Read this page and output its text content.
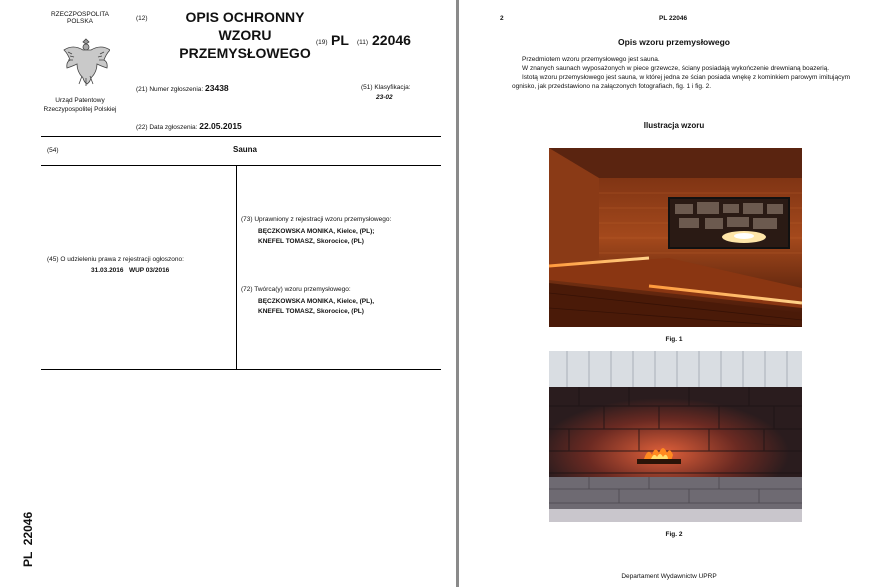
RZECZPOSPOLITA
POLSKA
Urząd Patentowy
Rzeczypospolitej Polskiej
(12)	OPIS OCHRONNY
WZORU
PRZEMYSŁOWEGO
(19) PL (11) 22046
(21) Numer zgłoszenia: 23438	(51) Klasyfikacja:
23-02
(22) Data zgłoszenia: 22.05.2015
(54)	Sauna
(45) O udzieleniu prawa z rejestracji ogłoszono:
31.03.2016   WUP 03/2016
(73) Uprawniony z rejestracji wzoru przemysłowego:
BĘCZKOWSKA MONIKA, Kielce, (PL);
KNEFEL TOMASZ, Skorocice, (PL)
(72) Twórca(y) wzoru przemysłowego:
BĘCZKOWSKA MONIKA, Kielce, (PL),
KNEFEL TOMASZ, Skorocice, (PL)
PL  22046
2	PL 22046
Opis wzoru przemysłowego
Przedmiotem wzoru przemysłowego jest sauna.
W znanych saunach wyposażonych w piece grzewcze, ściany posiadają wykończenie drewnianą boazerią.
Istotą wzoru przemysłowego jest sauna, w której jedna ze ścian posiada wnękę z kominkiem parowym imitującym ognisko, jak przedstawiono na załączonych fotografiach, fig. 1 i fig. 2.
Ilustracja wzoru
Fig. 1
Fig. 2
Departament Wydawnictw UPRP
